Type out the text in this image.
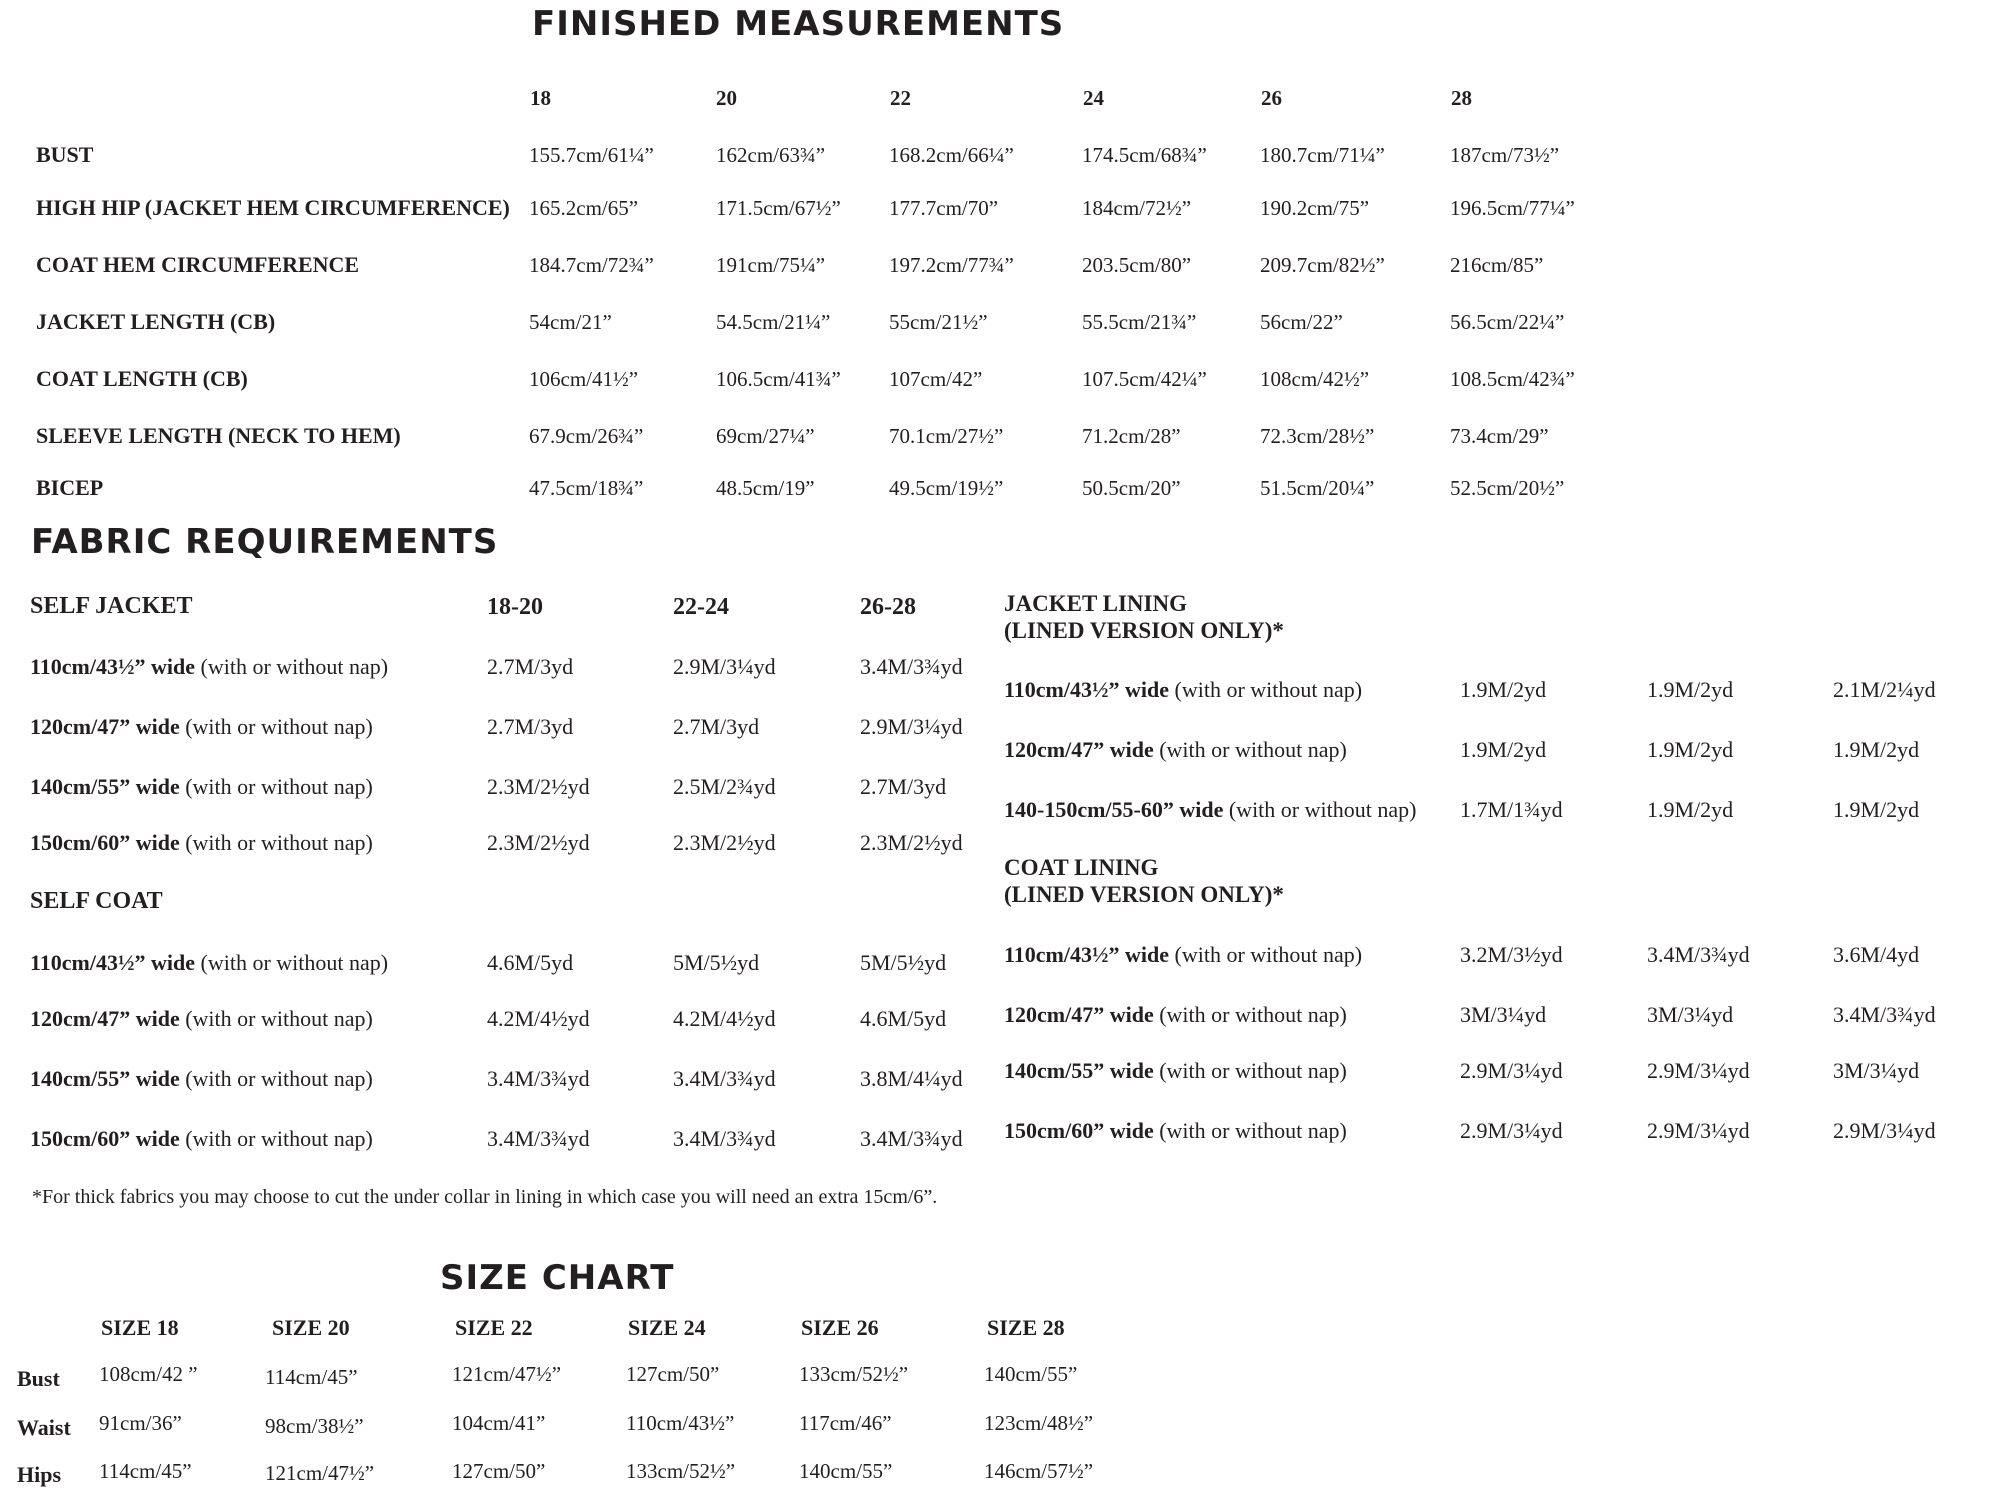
FINISHED MEASUREMENTS
18	20	22	24	26	28
BUST	155.7cm/61¼”	162cm/63¾”	168.2cm/66¼”	174.5cm/68¾”	180.7cm/71¼”	187cm/73½”
HIGH HIP (JACKET HEM CIRCUMFERENCE) 165.2cm/65”	171.5cm/67½” 177.7cm/70”	184cm/72½”	190.2cm/75”	196.5cm/77¼”
COAT HEM CIRCUMFERENCE	184.7cm/72¾”	191cm/75¼”	197.2cm/77¾”	203.5cm/80”	209.7cm/82½”	216cm/85”
JACKET LENGTH (CB)	54cm/21”	54.5cm/21¼”	55cm/21½”	55.5cm/21¾”	56cm/22”	56.5cm/22¼”
COAT LENGTH (CB)	106cm/41½”	106.5cm/41¾” 107cm/42”	107.5cm/42¼”	108cm/42½”	108.5cm/42¾”
SLEEVE LENGTH (NECK TO HEM)	67.9cm/26¾”	69cm/27¼”	70.1cm/27½”	71.2cm/28”	72.3cm/28½”	73.4cm/29”
BICEP	47.5cm/18¾”	48.5cm/19”	49.5cm/19½”	50.5cm/20”	51.5cm/20¼”	52.5cm/20½”
FABRIC REQUIREMENTS
SELF JACKET	18-20	22-24	26-28
110cm/43½” wide (with or without nap)	2.7M/3yd	2.9M/3¼yd	3.4M/3¾yd
120cm/47” wide (with or without nap)	2.7M/3yd	2.7M/3yd	2.9M/3¼yd
140cm/55” wide (with or without nap)	2.3M/2½yd	2.5M/2¾yd	2.7M/3yd
150cm/60” wide (with or without nap)	2.3M/2½yd	2.3M/2½yd	2.3M/2½yd
SELF COAT
110cm/43½” wide (with or without nap)	4.6M/5yd	5M/5½yd	5M/5½yd
120cm/47” wide (with or without nap)	4.2M/4½yd	4.2M/4½yd	4.6M/5yd
140cm/55” wide (with or without nap)	3.4M/3¾yd	3.4M/3¾yd	3.8M/4¼yd
150cm/60” wide (with or without nap)	3.4M/3¾yd	3.4M/3¾yd	3.4M/3¾yd
JACKET LINING
(LINED VERSION ONLY)*
110cm/43½” wide (with or without nap)	1.9M/2yd	1.9M/2yd	2.1M/2¼yd
120cm/47” wide (with or without nap)	1.9M/2yd	1.9M/2yd	1.9M/2yd
140-150cm/55-60” wide (with or without nap) 1.7M/1¾yd	1.9M/2yd	1.9M/2yd
COAT LINING
(LINED VERSION ONLY)*
110cm/43½” wide (with or without nap)	3.2M/3½yd	3.4M/3¾yd	3.6M/4yd
120cm/47” wide (with or without nap)	3M/3¼yd	3M/3¼yd	3.4M/3¾yd
140cm/55” wide (with or without nap)	2.9M/3¼yd	2.9M/3¼yd	3M/3¼yd
150cm/60” wide (with or without nap)	2.9M/3¼yd	2.9M/3¼yd	2.9M/3¼yd
*For thick fabrics you may choose to cut the under collar in lining in which case you will need an extra 15cm/6”.
SIZE CHART
SIZE 18	SIZE 20	SIZE 22	SIZE 24	SIZE 26	SIZE 28
Bust 108cm/42 ”	114cm/45”	121cm/47½”	127cm/50”	133cm/52½”	140cm/55”
Waist 91cm/36”	98cm/38½”	104cm/41”	110cm/43½”	117cm/46”	123cm/48½”
Hips 114cm/45”	121cm/47½”	127cm/50”	133cm/52½”	140cm/55”	146cm/57½”
